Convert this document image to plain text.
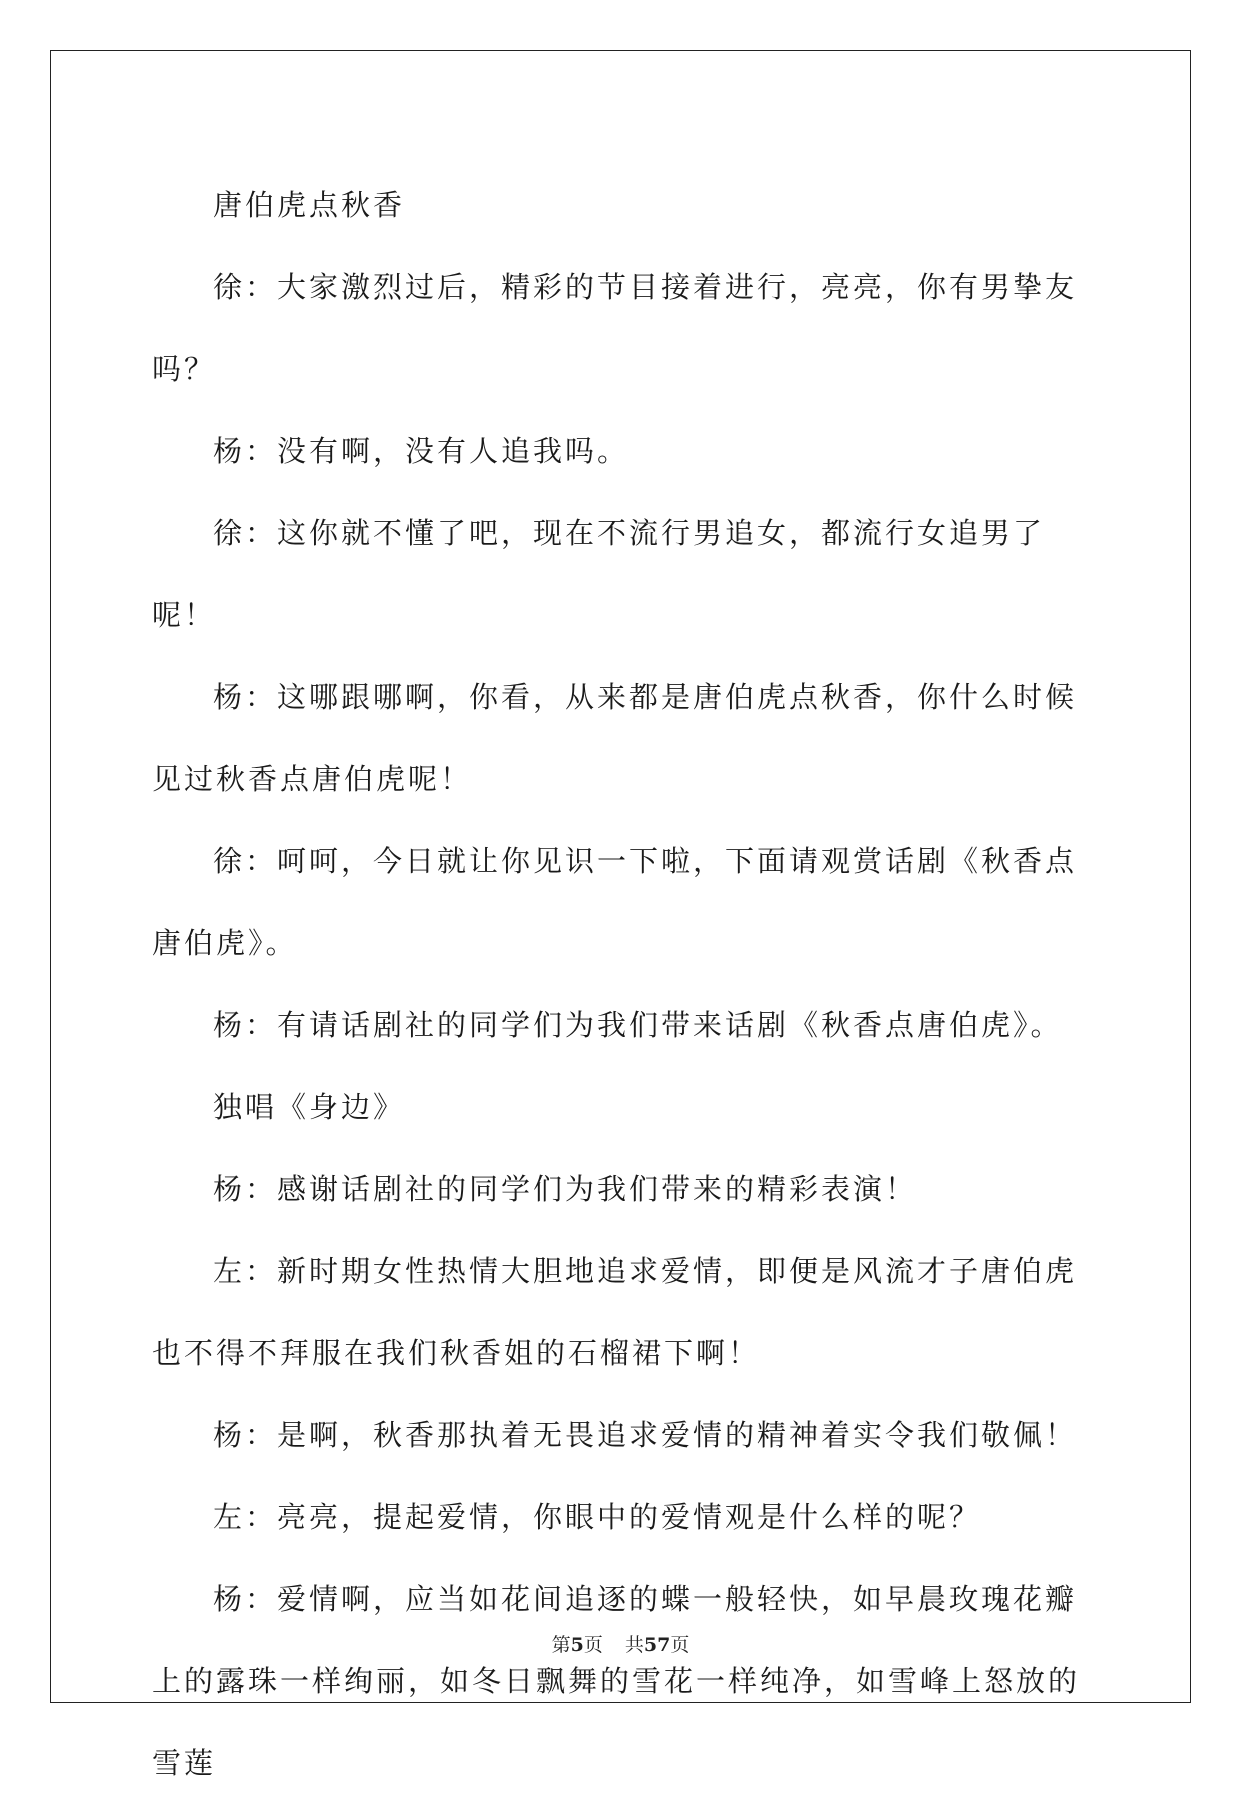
唐伯虎点秋香

徐：大家激烈过后，精彩的节目接着进行，亮亮，你有男挚友吗？

杨：没有啊，没有人追我吗。

徐：这你就不懂了吧，现在不流行男追女，都流行女追男了呢！

杨：这哪跟哪啊，你看，从来都是唐伯虎点秋香，你什么时候见过秋香点唐伯虎呢！

徐：呵呵，今日就让你见识一下啦，下面请观赏话剧《秋香点唐伯虎》。

杨：有请话剧社的同学们为我们带来话剧《秋香点唐伯虎》。

独唱《身边》

杨：感谢话剧社的同学们为我们带来的精彩表演！

左：新时期女性热情大胆地追求爱情，即便是风流才子唐伯虎也不得不拜服在我们秋香姐的石榴裙下啊！

杨：是啊，秋香那执着无畏追求爱情的精神着实令我们敬佩！

左：亮亮，提起爱情，你眼中的爱情观是什么样的呢？

杨：爱情啊，应当如花间追逐的蝶一般轻快，如早晨玫瑰花瓣上的露珠一样绚丽，如冬日飘舞的雪花一样纯净，如雪峰上怒放的雪莲

第5页 共57页
